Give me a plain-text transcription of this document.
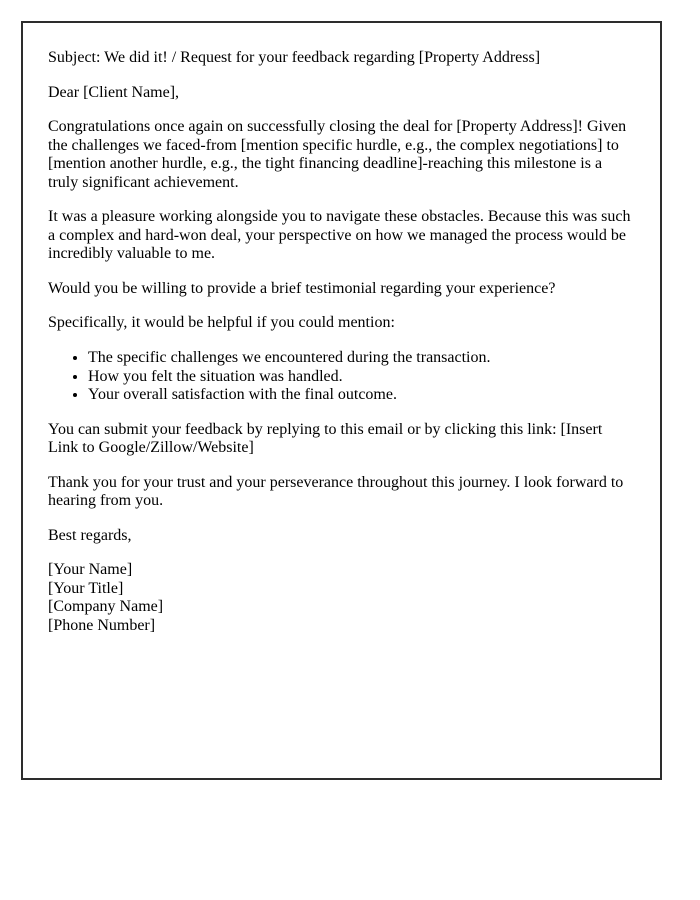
Subject: We did it! / Request for your feedback regarding [Property Address]

Dear [Client Name],

Congratulations once again on successfully closing the deal for [Property Address]! Given the challenges we faced-from [mention specific hurdle, e.g., the complex negotiations] to [mention another hurdle, e.g., the tight financing deadline]-reaching this milestone is a truly significant achievement.

It was a pleasure working alongside you to navigate these obstacles. Because this was such a complex and hard-won deal, your perspective on how we managed the process would be incredibly valuable to me.

Would you be willing to provide a brief testimonial regarding your experience?

Specifically, it would be helpful if you could mention:

• The specific challenges we encountered during the transaction.
• How you felt the situation was handled.
• Your overall satisfaction with the final outcome.

You can submit your feedback by replying to this email or by clicking this link: [Insert Link to Google/Zillow/Website]

Thank you for your trust and your perseverance throughout this journey. I look forward to hearing from you.

Best regards,

[Your Name]
[Your Title]
[Company Name]
[Phone Number]
